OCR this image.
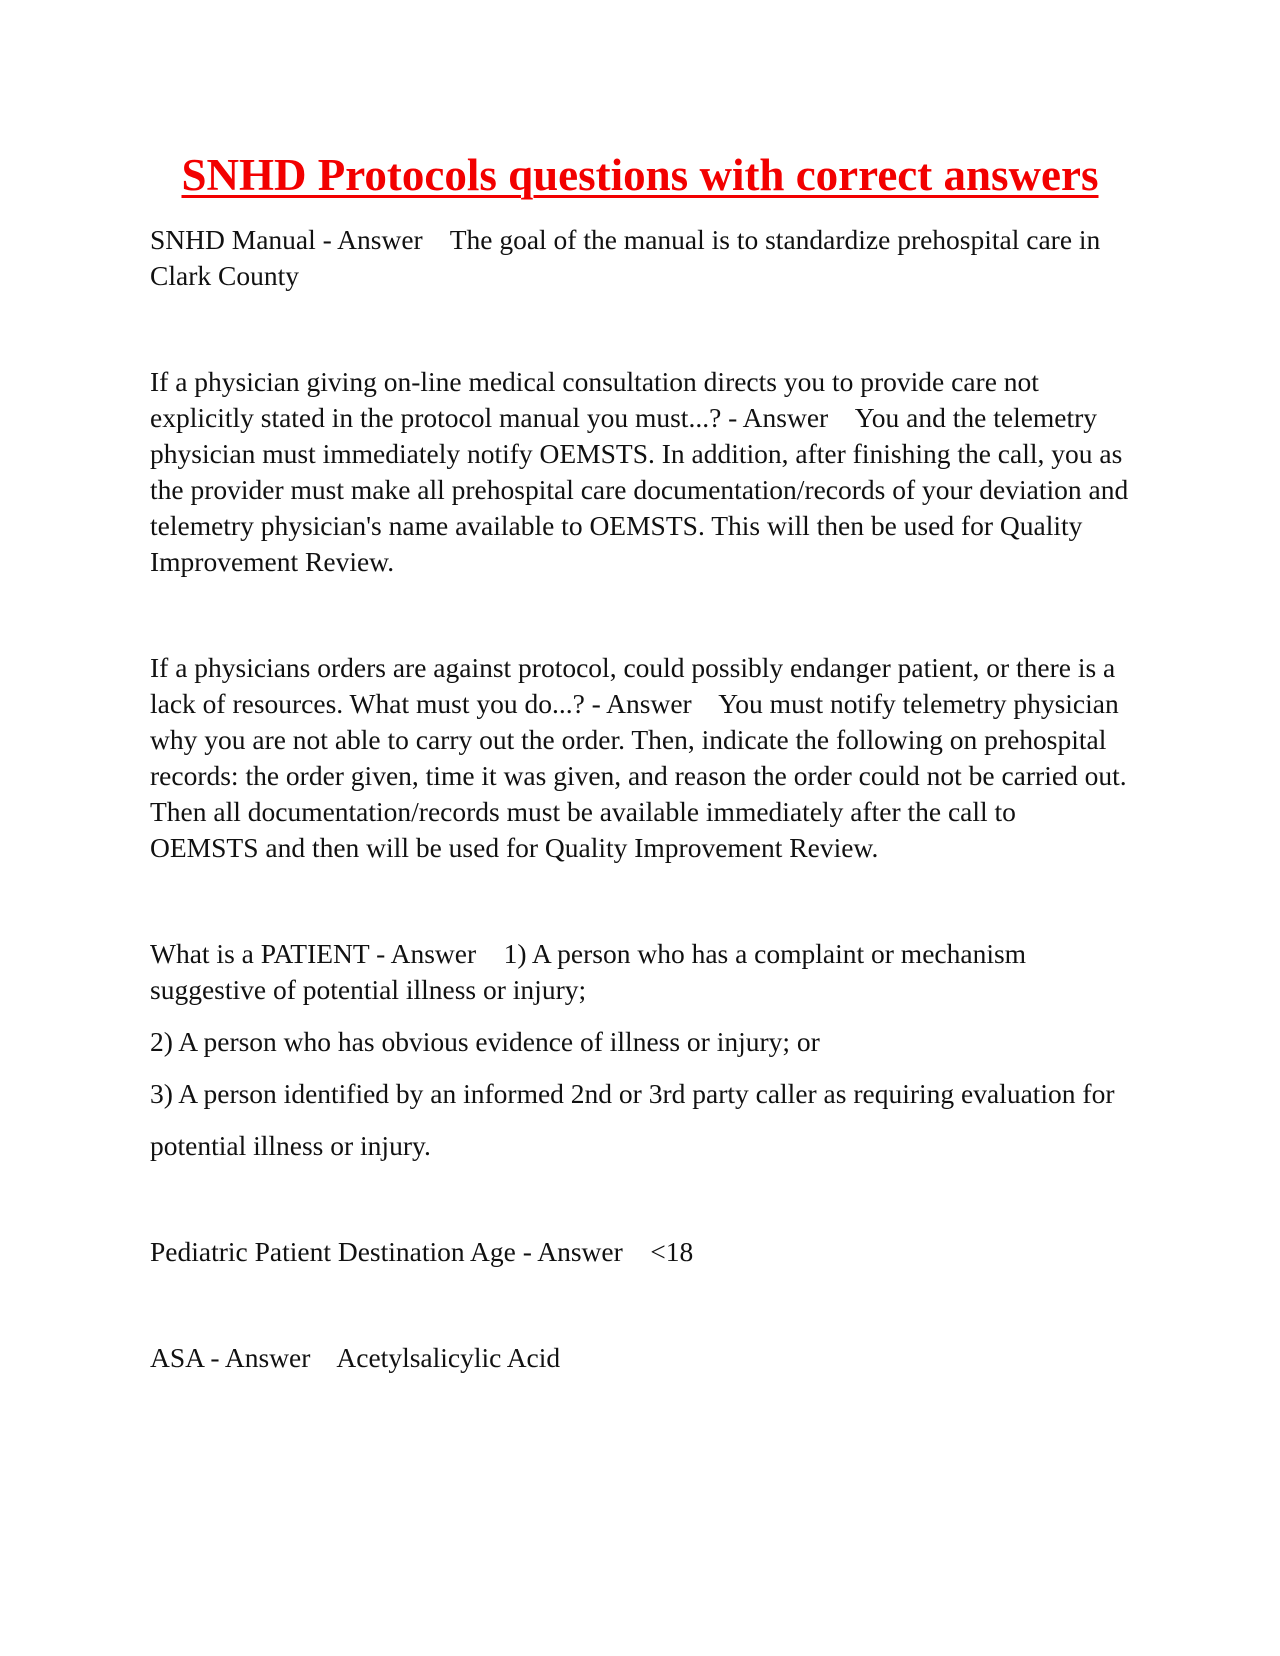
SNHD Protocols questions with correct answers

SNHD Manual - Answer The goal of the manual is to standardize prehospital care in Clark County

If a physician giving on-line medical consultation directs you to provide care not explicitly stated in the protocol manual you must...? - Answer You and the telemetry physician must immediately notify OEMSTS. In addition, after finishing the call, you as the provider must make all prehospital care documentation/records of your deviation and telemetry physician's name available to OEMSTS. This will then be used for Quality Improvement Review.

If a physicians orders are against protocol, could possibly endanger patient, or there is a lack of resources. What must you do...? - Answer You must notify telemetry physician why you are not able to carry out the order. Then, indicate the following on prehospital records: the order given, time it was given, and reason the order could not be carried out. Then all documentation/records must be available immediately after the call to OEMSTS and then will be used for Quality Improvement Review.

What is a PATIENT - Answer 1) A person who has a complaint or mechanism suggestive of potential illness or injury;

2) A person who has obvious evidence of illness or injury; or

3) A person identified by an informed 2nd or 3rd party caller as requiring evaluation for

potential illness or injury.

Pediatric Patient Destination Age - Answer <18

ASA - Answer Acetylsalicylic Acid
